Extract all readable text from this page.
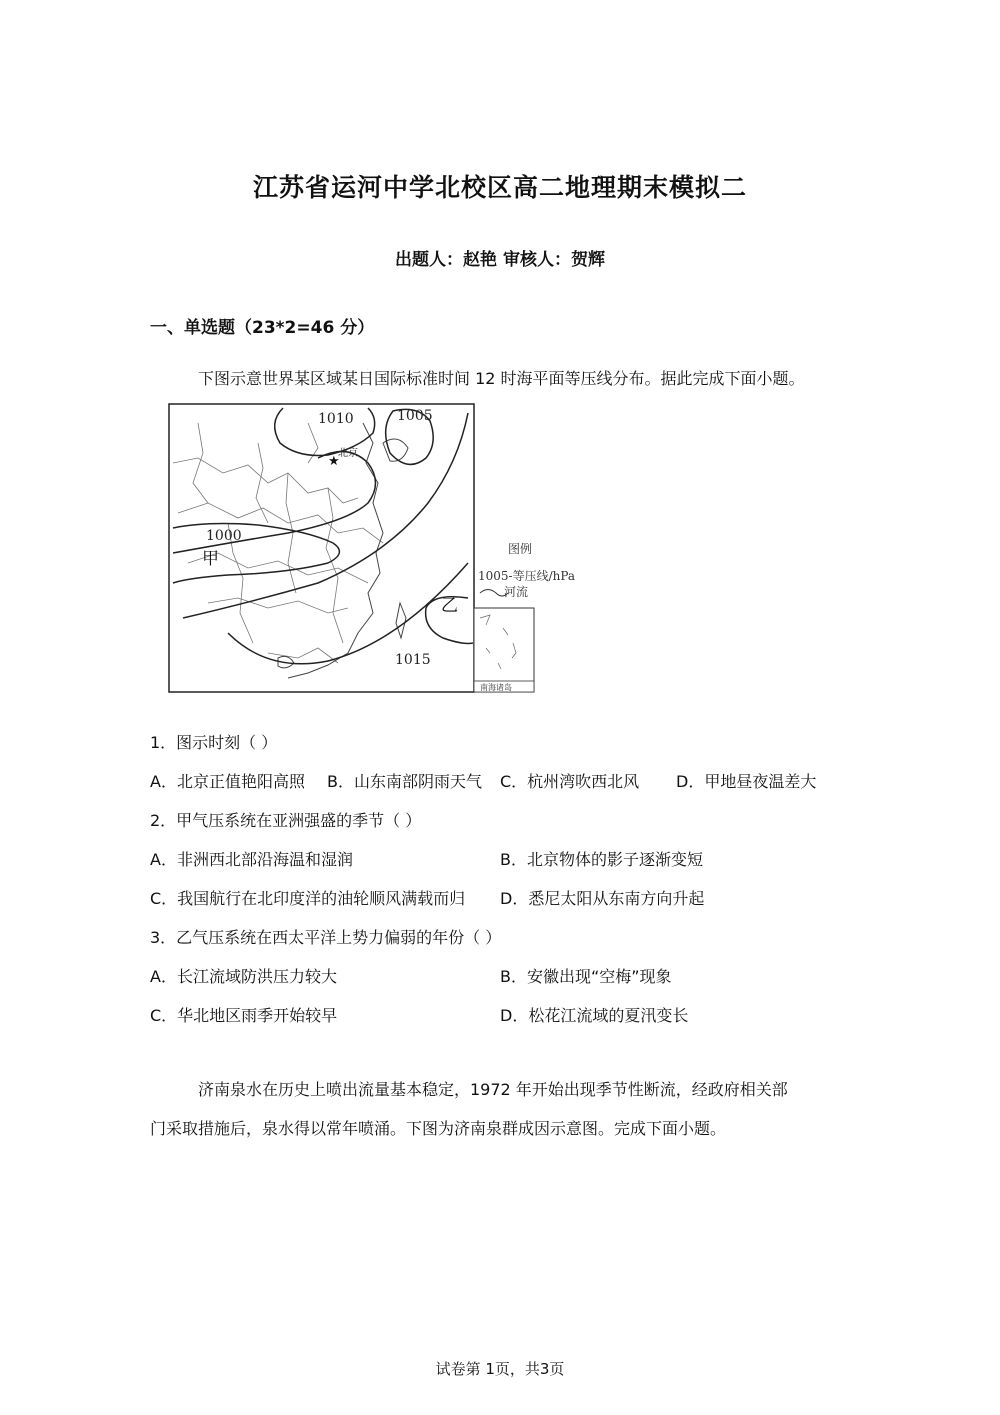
江苏省运河中学北校区高二地理期末模拟二
出题人：赵艳 审核人：贺辉
一、单选题（23*2=46 分）
下图示意世界某区域某日国际标准时间 12 时海平面等压线分布。据此完成下面小题。
★
1010	1005
1000
1015
北京
甲
乙
图例
1005-等压线/hPa
河流
南海诸岛
1．图示时刻（ ）
A．北京正值艳阳高照 B．山东南部阴雨天气 C．杭州湾吹西北风 D．甲地昼夜温差大
2．甲气压系统在亚洲强盛的季节（ ）
A．非洲西北部沿海温和湿润	B．北京物体的影子逐渐变短
C．我国航行在北印度洋的油轮顺风满载而归 D．悉尼太阳从东南方向升起
3．乙气压系统在西太平洋上势力偏弱的年份（ ）
A．长江流域防洪压力较大	B．安徽出现“空梅”现象
C．华北地区雨季开始较早	D．松花江流域的夏汛变长
济南泉水在历史上喷出流量基本稳定，1972 年开始出现季节性断流，经政府相关部
门采取措施后，泉水得以常年喷涌。下图为济南泉群成因示意图。完成下面小题。
试卷第 1页，共3页
